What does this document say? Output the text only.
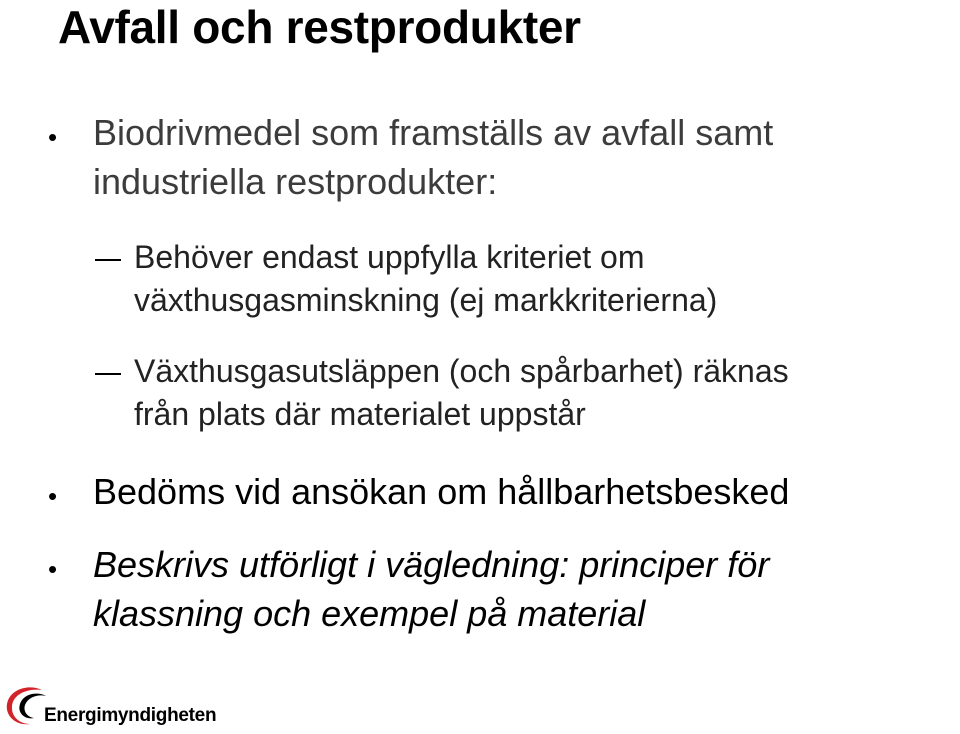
Avfall och restprodukter
• Biodrivmedel som framställs av avfall samt
industriella restprodukter:
Behöver endast uppfylla kriteriet om
växthusgasminskning (ej markkriterierna)
Växthusgasutsläppen (och spårbarhet) räknas
från plats där materialet uppstår
• Bedöms vid ansökan om hållbarhetsbesked
• Beskrivs utförligt i vägledning: principer för
klassning och exempel på material
Energimyndigheten
